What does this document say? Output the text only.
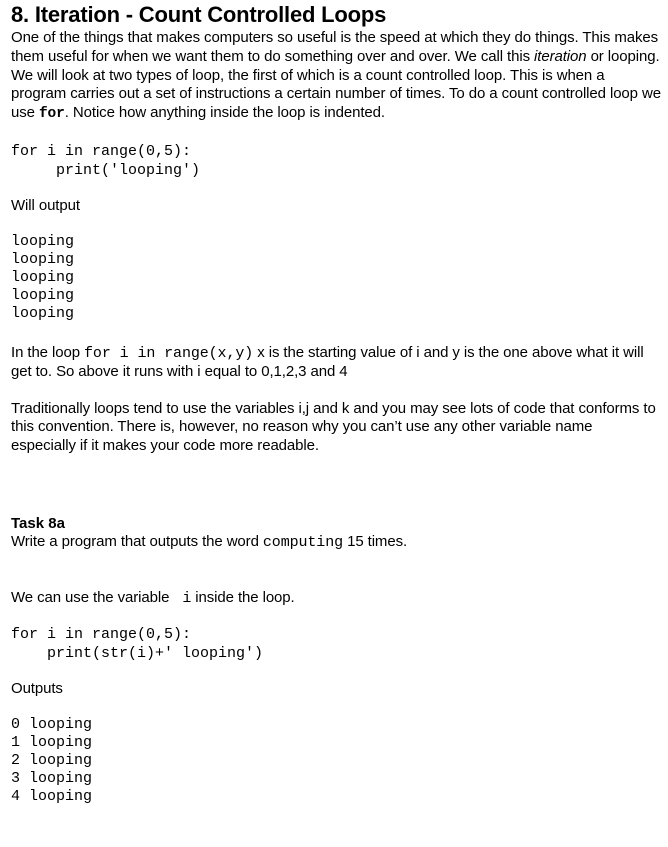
8. Iteration - Count Controlled Loops

One of the things that makes computers so useful is the speed at which they do things. This makes them useful for when we want them to do something over and over. We call this iteration or looping. We will look at two types of loop, the first of which is a count controlled loop. This is when a program carries out a set of instructions a certain number of times. To do a count controlled loop we use for. Notice how anything inside the loop is indented.

for i in range(0,5):
print('looping')

Will output

looping
looping
looping
looping
looping

In the loop for i in range(x,y) x is the starting value of i and y is the one above what it will get to. So above it runs with i equal to 0,1,2,3 and 4

Traditionally loops tend to use the variables i,j and k and you may see lots of code that conforms to this convention. There is, however, no reason why you can’t use any other variable name especially if it makes your code more readable.

Task 8a

Write a program that outputs the word computing 15 times.

We can use the variable  i inside the loop.

for i in range(0,5):
print(str(i)+' looping')

Outputs

0 looping
1 looping
2 looping
3 looping
4 looping
